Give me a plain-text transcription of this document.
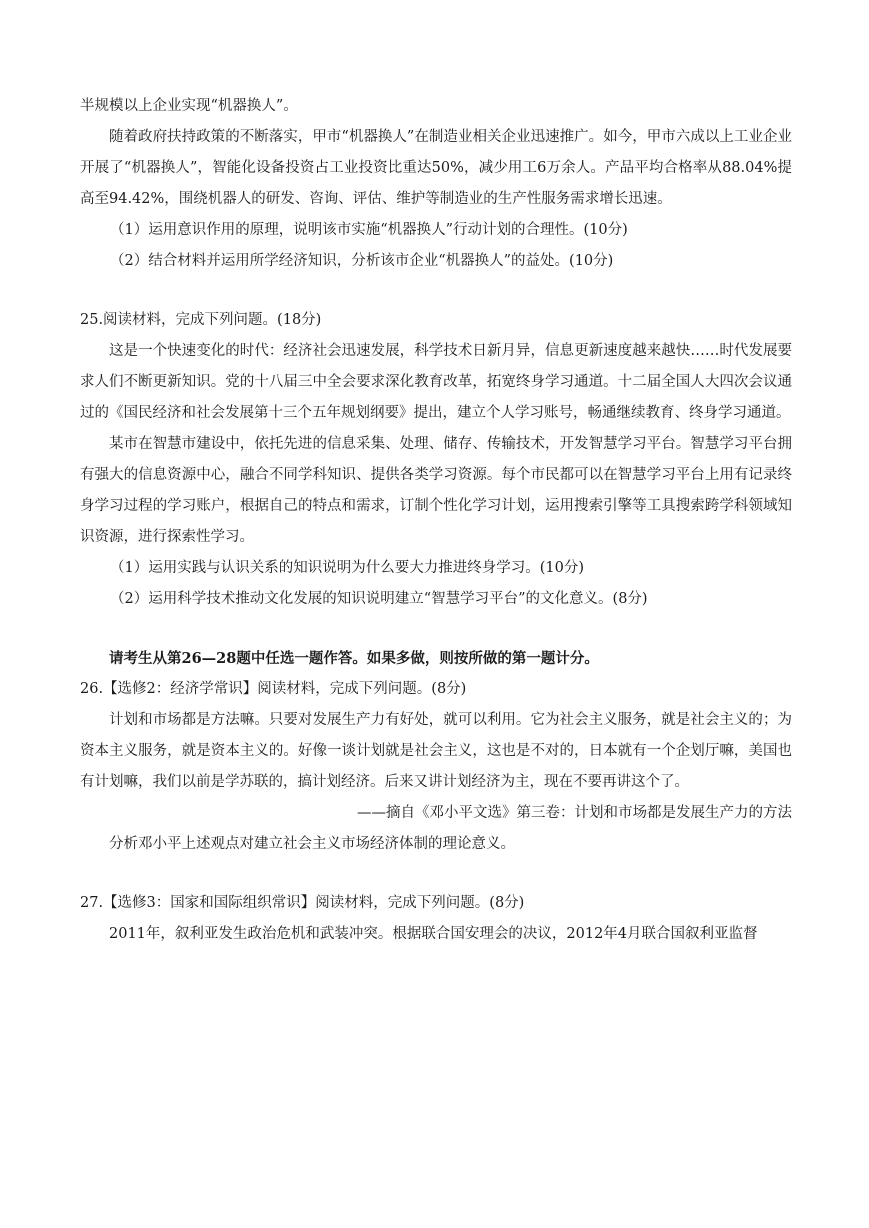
半规模以上企业实现“机器换人”。

随着政府扶持政策的不断落实，甲市“机器换人”在制造业相关企业迅速推广。如今，甲市六成以上工业企业开展了“机器换人”，智能化设备投资占工业投资比重达50%，减少用工6万余人。产品平均合格率从88.04%提高至94.42%，围绕机器人的研发、咨询、评估、维护等制造业的生产性服务需求增长迅速。

（1）运用意识作用的原理，说明该市实施“机器换人”行动计划的合理性。(10分)

（2）结合材料并运用所学经济知识，分析该市企业“机器换人”的益处。(10分)

25.阅读材料，完成下列问题。(18分)

这是一个快速变化的时代：经济社会迅速发展，科学技术日新月异，信息更新速度越来越快……时代发展要求人们不断更新知识。党的十八届三中全会要求深化教育改革，拓宽终身学习通道。十二届全国人大四次会议通过的《国民经济和社会发展第十三个五年规划纲要》提出，建立个人学习账号，畅通继续教育、终身学习通道。

某市在智慧市建设中，依托先进的信息采集、处理、储存、传输技术，开发智慧学习平台。智慧学习平台拥有强大的信息资源中心，融合不同学科知识、提供各类学习资源。每个市民都可以在智慧学习平台上用有记录终身学习过程的学习账户，根据自己的特点和需求，订制个性化学习计划，运用搜索引擎等工具搜索跨学科领域知识资源，进行探索性学习。

（1）运用实践与认识关系的知识说明为什么要大力推进终身学习。(10分)

（2）运用科学技术推动文化发展的知识说明建立“智慧学习平台”的文化意义。(8分)

请考生从第26—28题中任选一题作答。如果多做，则按所做的第一题计分。

26.【选修2：经济学常识】阅读材料，完成下列问题。(8分)

计划和市场都是方法嘛。只要对发展生产力有好处，就可以利用。它为社会主义服务，就是社会主义的；为资本主义服务，就是资本主义的。好像一谈计划就是社会主义，这也是不对的，日本就有一个企划厅嘛，美国也有计划嘛，我们以前是学苏联的，搞计划经济。后来又讲计划经济为主，现在不要再讲这个了。

——摘自《邓小平文选》第三卷：计划和市场都是发展生产力的方法

分析邓小平上述观点对建立社会主义市场经济体制的理论意义。

27.【选修3：国家和国际组织常识】阅读材料，完成下列问题。(8分)

2011年，叙利亚发生政治危机和武装冲突。根据联合国安理会的决议，2012年4月联合国叙利亚监督
